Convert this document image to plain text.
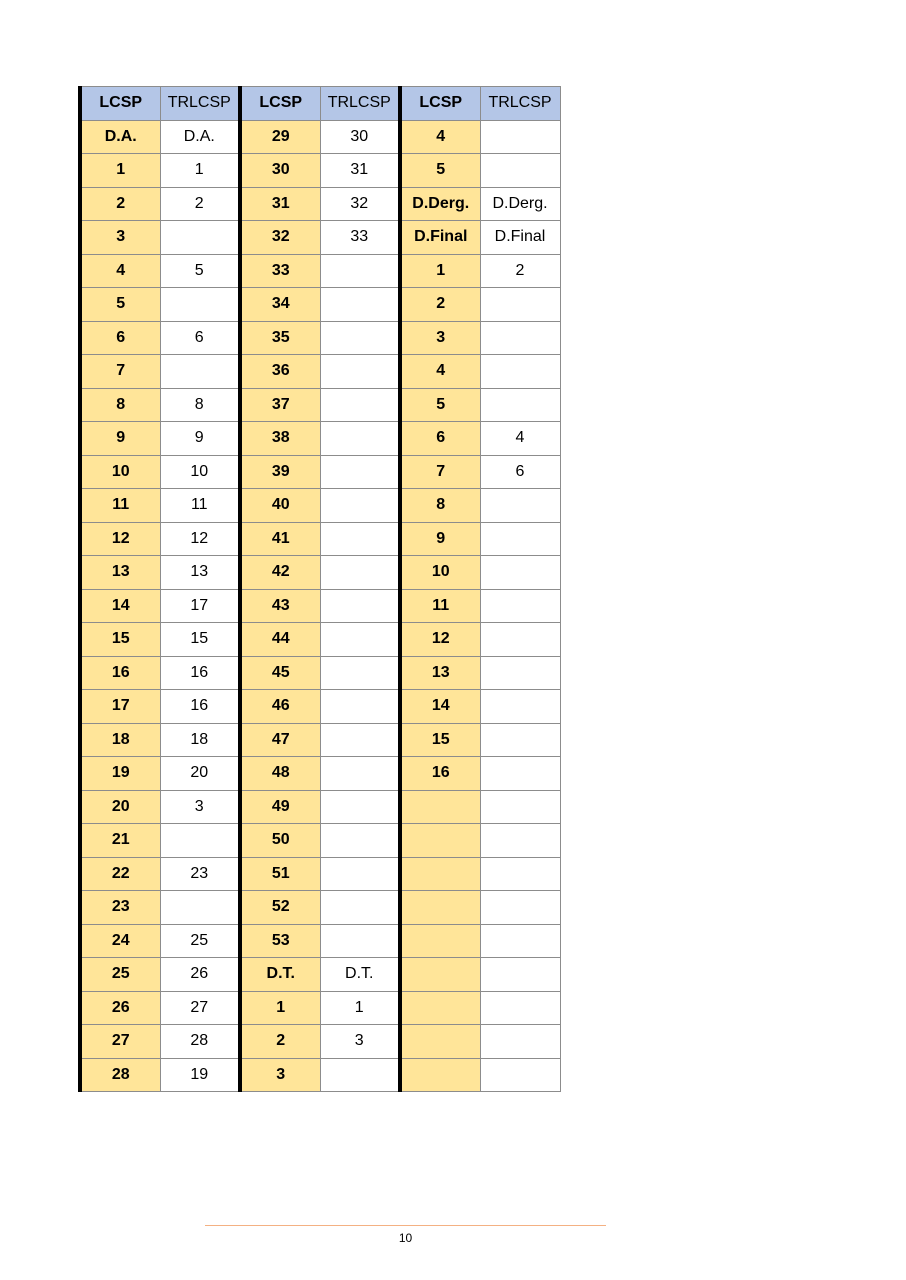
LCSP	TRLCSP	LCSP	TRLCSP	LCSP	TRLCSP
D.A.	D.A.	29	30	4	
1	1	30	31	5	
2	2	31	32	D.Derg.	D.Derg.
3		32	33	D.Final	D.Final
4	5	33		1	2
5		34		2	
6	6	35		3	
7		36		4	
8	8	37		5	
9	9	38		6	4
10	10	39		7	6
11	11	40		8	
12	12	41		9	
13	13	42		10	
14	17	43		11	
15	15	44		12	
16	16	45		13	
17	16	46		14	
18	18	47		15	
19	20	48		16	
20	3	49			
21		50			
22	23	51			
23		52			
24	25	53			
25	26	D.T.	D.T.		
26	27	1	1		
27	28	2	3		
28	19	3			
10
